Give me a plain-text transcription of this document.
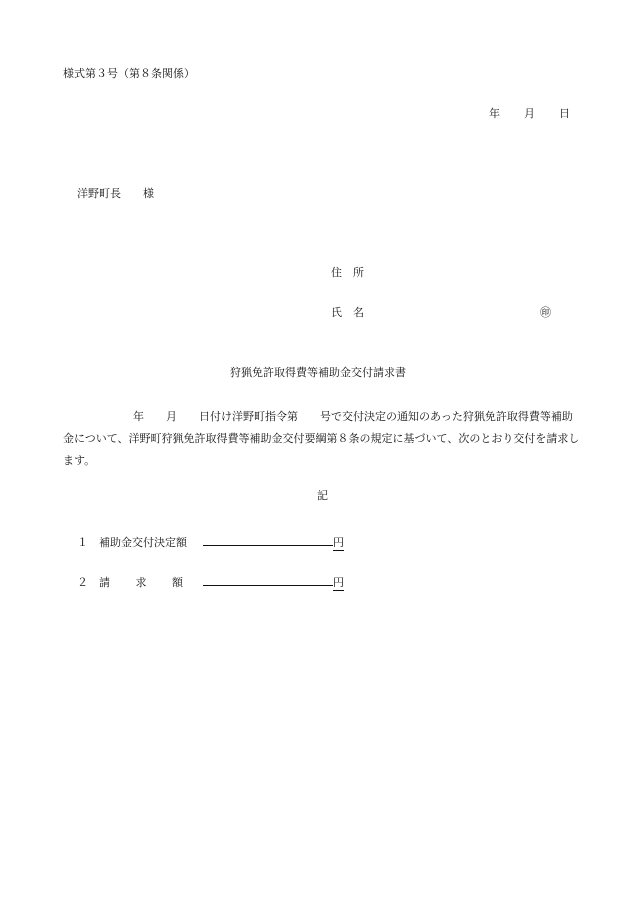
様式第３号（第８条関係）
年 月 日
洋野町長 様
住 所
氏 名	㊞
狩猟免許取得費等補助金交付請求書
年 月 日付け洋野町指令第 号で交付決定の通知のあった狩猟免許取得費等補助金について、洋野町狩猟免許取得費等補助金交付要綱第８条の規定に基づいて、次のとおり交付を請求します。
記
１	補助金交付決定額	円
２	請 求 額	円
